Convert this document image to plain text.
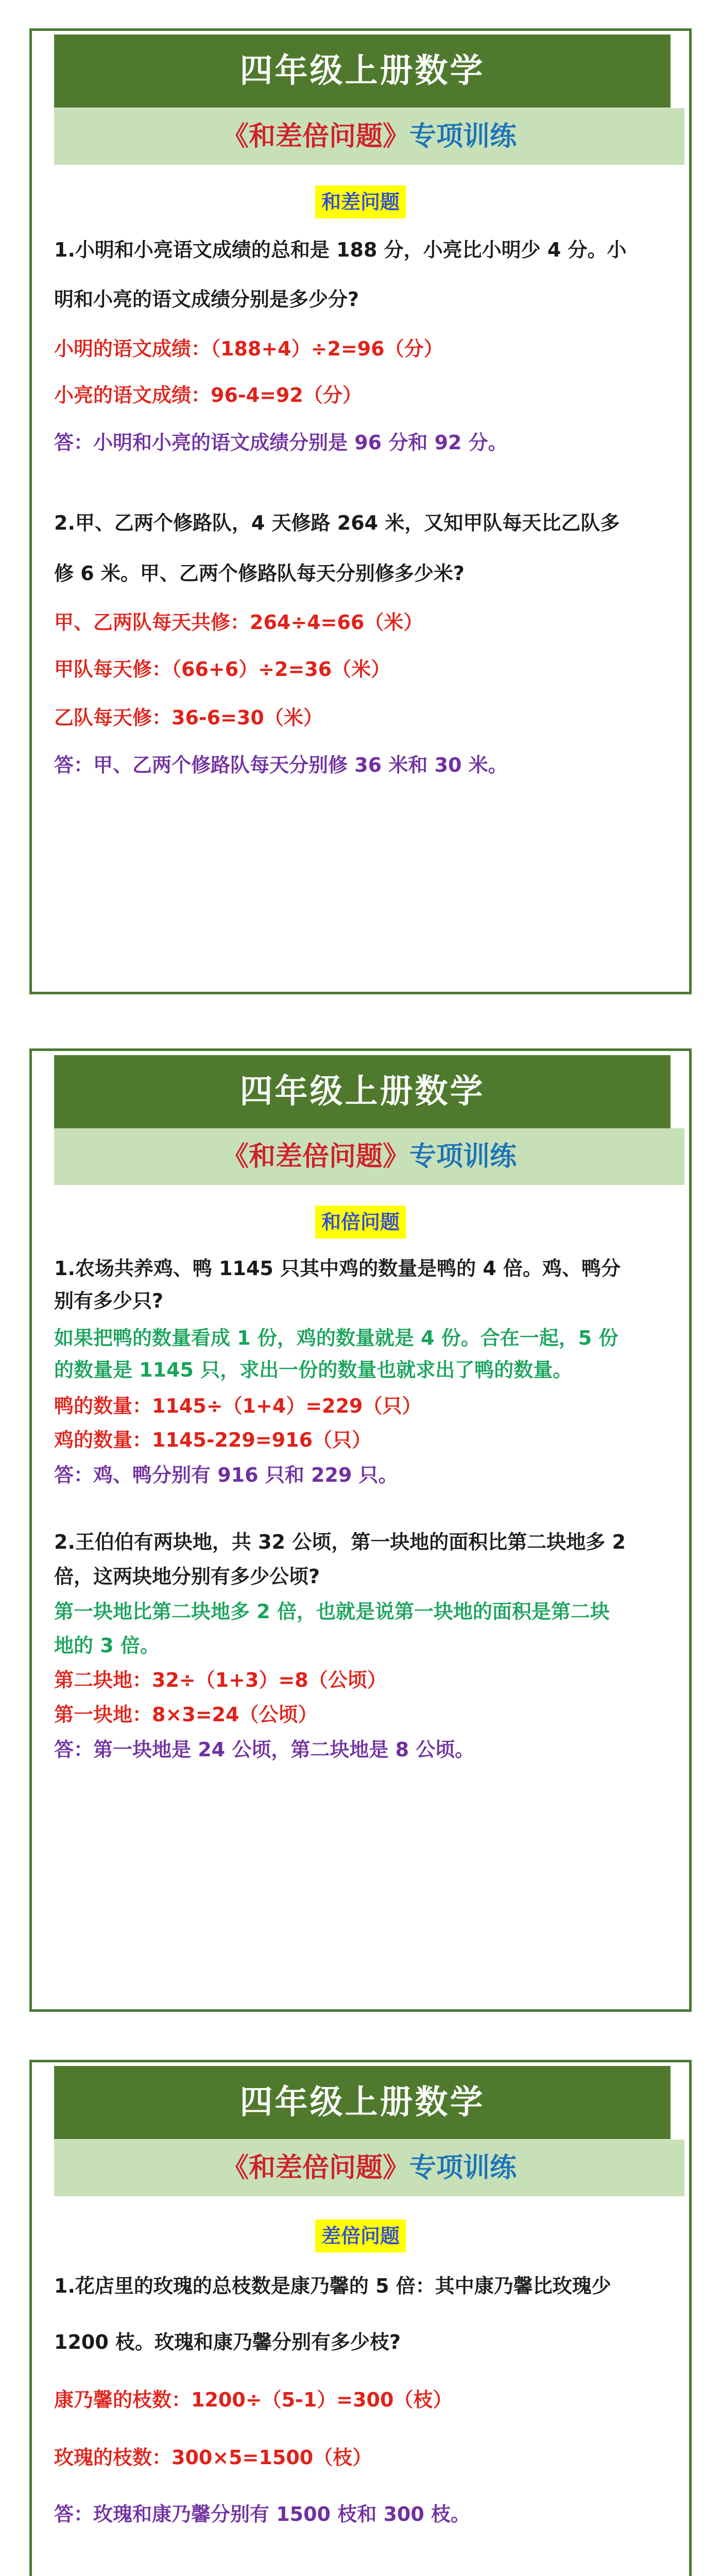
四年级上册数学
《和差倍问题》专项训练
和差问题
1.小明和小亮语文成绩的总和是 188 分，小亮比小明少 4 分。小
明和小亮的语文成绩分别是多少分?
小明的语文成绩：（188+4）÷2=96（分）
小亮的语文成绩：96-4=92（分）
答：小明和小亮的语文成绩分别是 96 分和 92 分。
2.甲、乙两个修路队，4 天修路 264 米，又知甲队每天比乙队多
修 6 米。甲、乙两个修路队每天分别修多少米?
甲、乙两队每天共修：264÷4=66（米）
甲队每天修：（66+6）÷2=36（米）
乙队每天修：36-6=30（米）
答：甲、乙两个修路队每天分别修 36 米和 30 米。
四年级上册数学
《和差倍问题》专项训练
和倍问题
1.农场共养鸡、鸭 1145 只其中鸡的数量是鸭的 4 倍。鸡、鸭分
别有多少只?
如果把鸭的数量看成 1 份，鸡的数量就是 4 份。合在一起，5 份
的数量是 1145 只，求出一份的数量也就求出了鸭的数量。
鸭的数量：1145÷（1+4）=229（只）
鸡的数量：1145-229=916（只）
答：鸡、鸭分别有 916 只和 229 只。
2.王伯伯有两块地，共 32 公顷，第一块地的面积比第二块地多 2
倍，这两块地分别有多少公顷?
第一块地比第二块地多 2 倍，也就是说第一块地的面积是第二块
地的 3 倍。
第二块地：32÷（1+3）=8（公顷）
第一块地：8×3=24（公顷）
答：第一块地是 24 公顷，第二块地是 8 公顷。
四年级上册数学
《和差倍问题》专项训练
差倍问题
1.花店里的玫瑰的总枝数是康乃馨的 5 倍：其中康乃馨比玫瑰少
1200 枝。玫瑰和康乃馨分别有多少枝?
康乃馨的枝数：1200÷（5-1）=300（枝）
玫瑰的枝数：300×5=1500（枝）
答：玫瑰和康乃馨分别有 1500 枝和 300 枝。
